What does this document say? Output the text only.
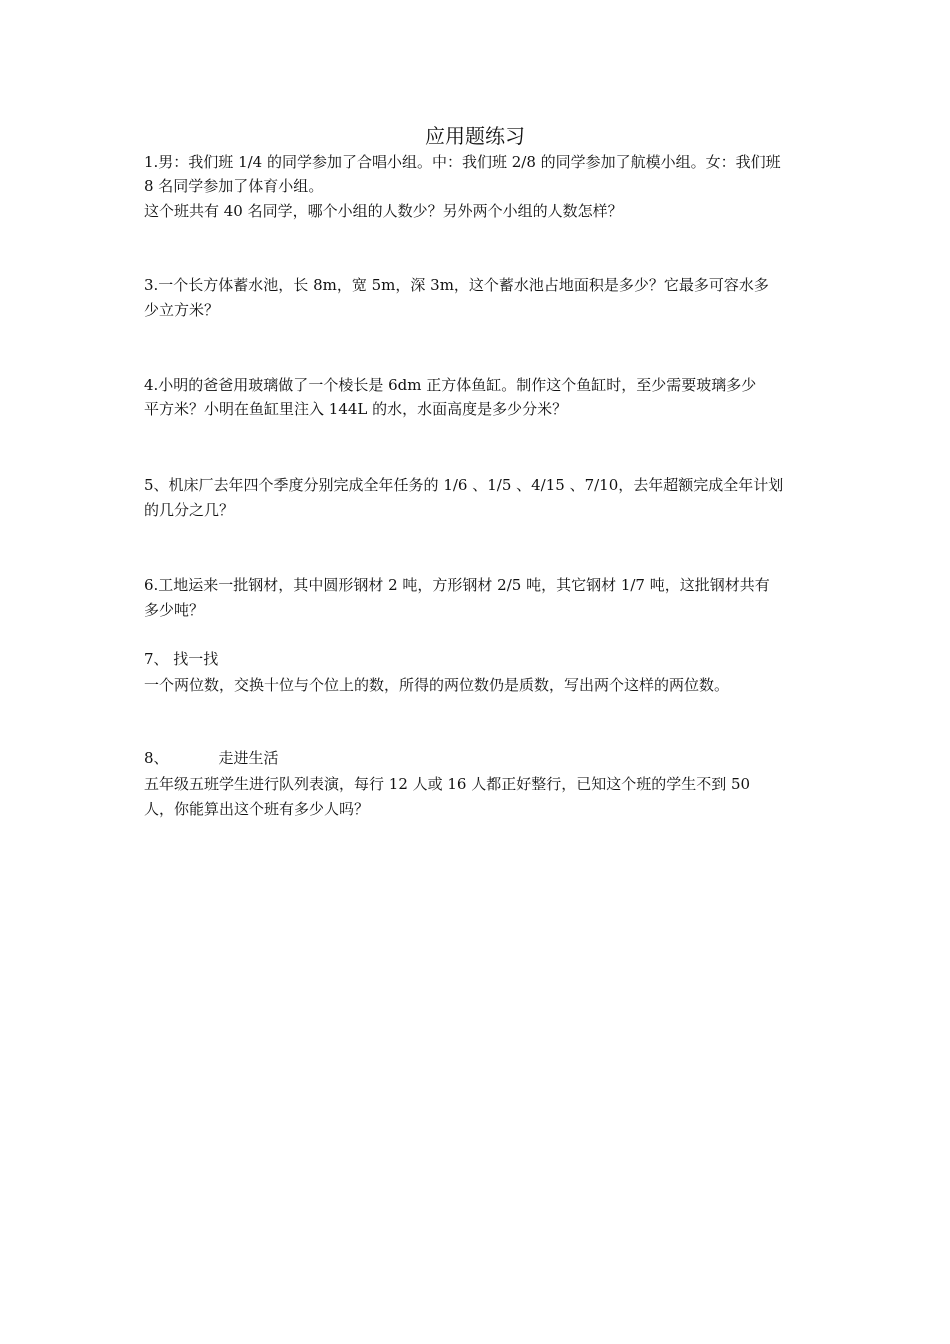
应用题练习
1.男：我们班 1/4 的同学参加了合唱小组。中：我们班 2/8 的同学参加了航模小组。女：我们班
8 名同学参加了体育小组。
这个班共有 40 名同学，哪个小组的人数少？另外两个小组的人数怎样？
3.一个长方体蓄水池，长 8m，宽 5m，深 3m，这个蓄水池占地面积是多少？它最多可容水多
少立方米？
4.小明的爸爸用玻璃做了一个棱长是 6dm 正方体鱼缸。制作这个鱼缸时，至少需要玻璃多少
平方米？小明在鱼缸里注入 144L 的水，水面高度是多少分米？
5、机床厂去年四个季度分别完成全年任务的 1/6 、1/5 、4/15 、7/10，去年超额完成全年计划
的几分之几？
6.工地运来一批钢材，其中圆形钢材 2 吨，方形钢材 2/5 吨，其它钢材 1/7 吨，这批钢材共有
多少吨？
7、 找一找
一个两位数，交换十位与个位上的数，所得的两位数仍是质数，写出两个这样的两位数。
8、	走进生活
五年级五班学生进行队列表演，每行 12 人或 16 人都正好整行，已知这个班的学生不到 50
人，你能算出这个班有多少人吗？
